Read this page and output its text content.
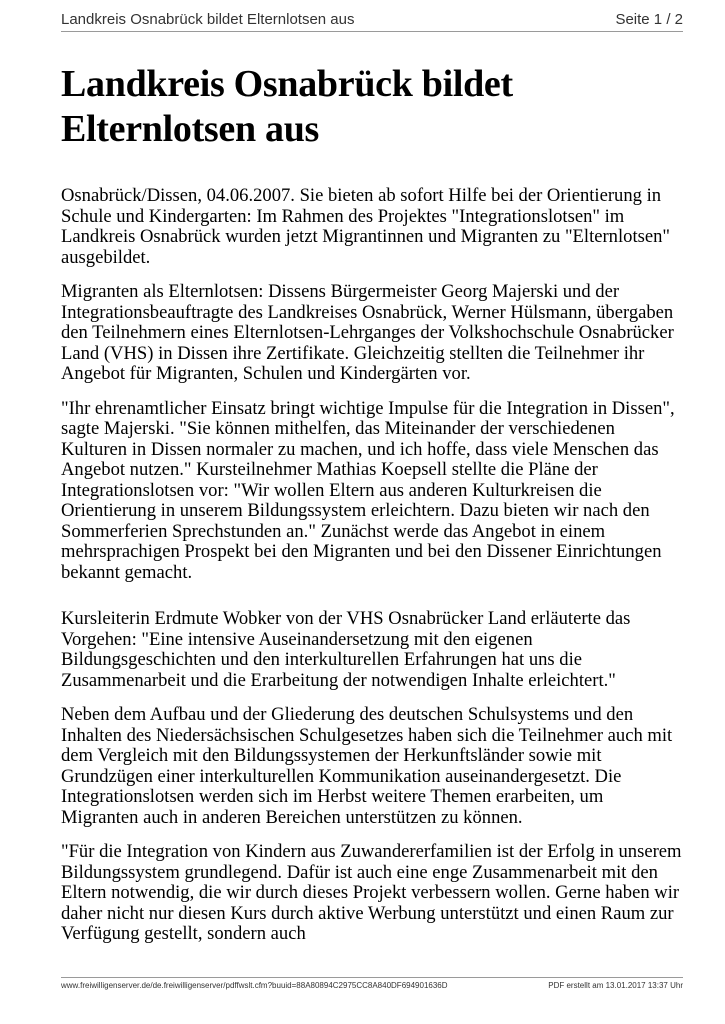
Landkreis Osnabrück bildet Elternlotsen aus	Seite 1 / 2
Landkreis Osnabrück bildet Elternlotsen aus

Osnabrück/Dissen, 04.06.2007. Sie bieten ab sofort Hilfe bei der Orientierung in Schule und Kindergarten: Im Rahmen des Projektes "Integrationslotsen" im Landkreis Osnabrück wurden jetzt Migrantinnen und Migranten zu "Elternlotsen" ausgebildet.

Migranten als Elternlotsen: Dissens Bürgermeister Georg Majerski und der Integrationsbeauftragte des Landkreises Osnabrück, Werner Hülsmann, übergaben den Teilnehmern eines Elternlotsen-Lehrganges der Volkshochschule Osnabrücker Land (VHS) in Dissen ihre Zertifikate. Gleichzeitig stellten die Teilnehmer ihr Angebot für Migranten, Schulen und Kindergärten vor.

"Ihr ehrenamtlicher Einsatz bringt wichtige Impulse für die Integration in Dissen", sagte Majerski. "Sie können mithelfen, das Miteinander der verschiedenen Kulturen in Dissen normaler zu machen, und ich hoffe, dass viele Menschen das Angebot nutzen." Kursteilnehmer Mathias Koepsell stellte die Pläne der Integrationslotsen vor: "Wir wollen Eltern aus anderen Kulturkreisen die Orientierung in unserem Bildungssystem erleichtern. Dazu bieten wir nach den Sommerferien Sprechstunden an." Zunächst werde das Angebot in einem mehrsprachigen Prospekt bei den Migranten und bei den Dissener Einrichtungen bekannt gemacht.

Kursleiterin Erdmute Wobker von der VHS Osnabrücker Land erläuterte das Vorgehen: "Eine intensive Auseinandersetzung mit den eigenen Bildungsgeschichten und den interkulturellen Erfahrungen hat uns die Zusammenarbeit und die Erarbeitung der notwendigen Inhalte erleichtert."

Neben dem Aufbau und der Gliederung des deutschen Schulsystems und den Inhalten des Niedersächsischen Schulgesetzes haben sich die Teilnehmer auch mit dem Vergleich mit den Bildungssystemen der Herkunftsländer sowie mit Grundzügen einer interkulturellen Kommunikation auseinandergesetzt. Die Integrationslotsen werden sich im Herbst weitere Themen erarbeiten, um Migranten auch in anderen Bereichen unterstützen zu können.

"Für die Integration von Kindern aus Zuwandererfamilien ist der Erfolg in unserem Bildungssystem grundlegend. Dafür ist auch eine enge Zusammenarbeit mit den Eltern notwendig, die wir durch dieses Projekt verbessern wollen. Gerne haben wir daher nicht nur diesen Kurs durch aktive Werbung unterstützt und einen Raum zur Verfügung gestellt, sondern auch

www.freiwilligenserver.de/de.freiwilligenserver/pdffwslt.cfm?buuid=88A80894C2975CC8A840DF694901636D	PDF erstellt am 13.01.2017 13:37 Uhr
